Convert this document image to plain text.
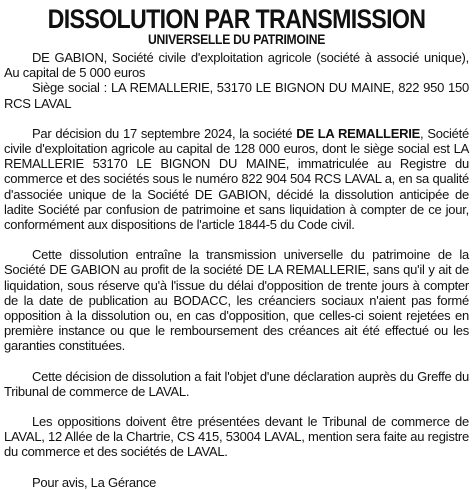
DISSOLUTION PAR TRANSMISSION
UNIVERSELLE DU PATRIMOINE

DE GABION, Société civile d'exploitation agricole (société à associé unique), Au capital de 5 000 euros

Siège social : LA REMALLERIE, 53170 LE BIGNON DU MAINE, 822 950 150 RCS LAVAL

Par décision du 17 septembre 2024, la société DE LA REMALLERIE, Société civile d'exploitation agricole au capital de 128 000 euros, dont le siège social est LA REMALLERIE 53170 LE BIGNON DU MAINE, immatriculée au Registre du commerce et des sociétés sous le numéro 822 904 504 RCS LAVAL a, en sa qualité d'associée unique de la Société DE GABION, décidé la dissolution anticipée de ladite Société par confusion de patrimoine et sans liquidation à compter de ce jour, conformément aux dispositions de l'article 1844-5 du Code civil.

Cette dissolution entraîne la transmission universelle du patrimoine de la Société DE GABION au profit de la société DE LA REMALLERIE, sans qu'il y ait de liquidation, sous réserve qu'à l'issue du délai d'opposition de trente jours à compter de la date de publication au BODACC, les créanciers sociaux n'aient pas formé opposition à la dissolution ou, en cas d'opposition, que celles-ci soient rejetées en première instance ou que le remboursement des créances ait été effectué ou les garanties constituées.

Cette décision de dissolution a fait l'objet d'une déclaration auprès du Greffe du Tribunal de commerce de LAVAL.

Les oppositions doivent être présentées devant le Tribunal de commerce de LAVAL, 12 Allée de la Chartrie, CS 415, 53004 LAVAL, mention sera faite au registre du commerce et des sociétés de LAVAL.

Pour avis, La Gérance
